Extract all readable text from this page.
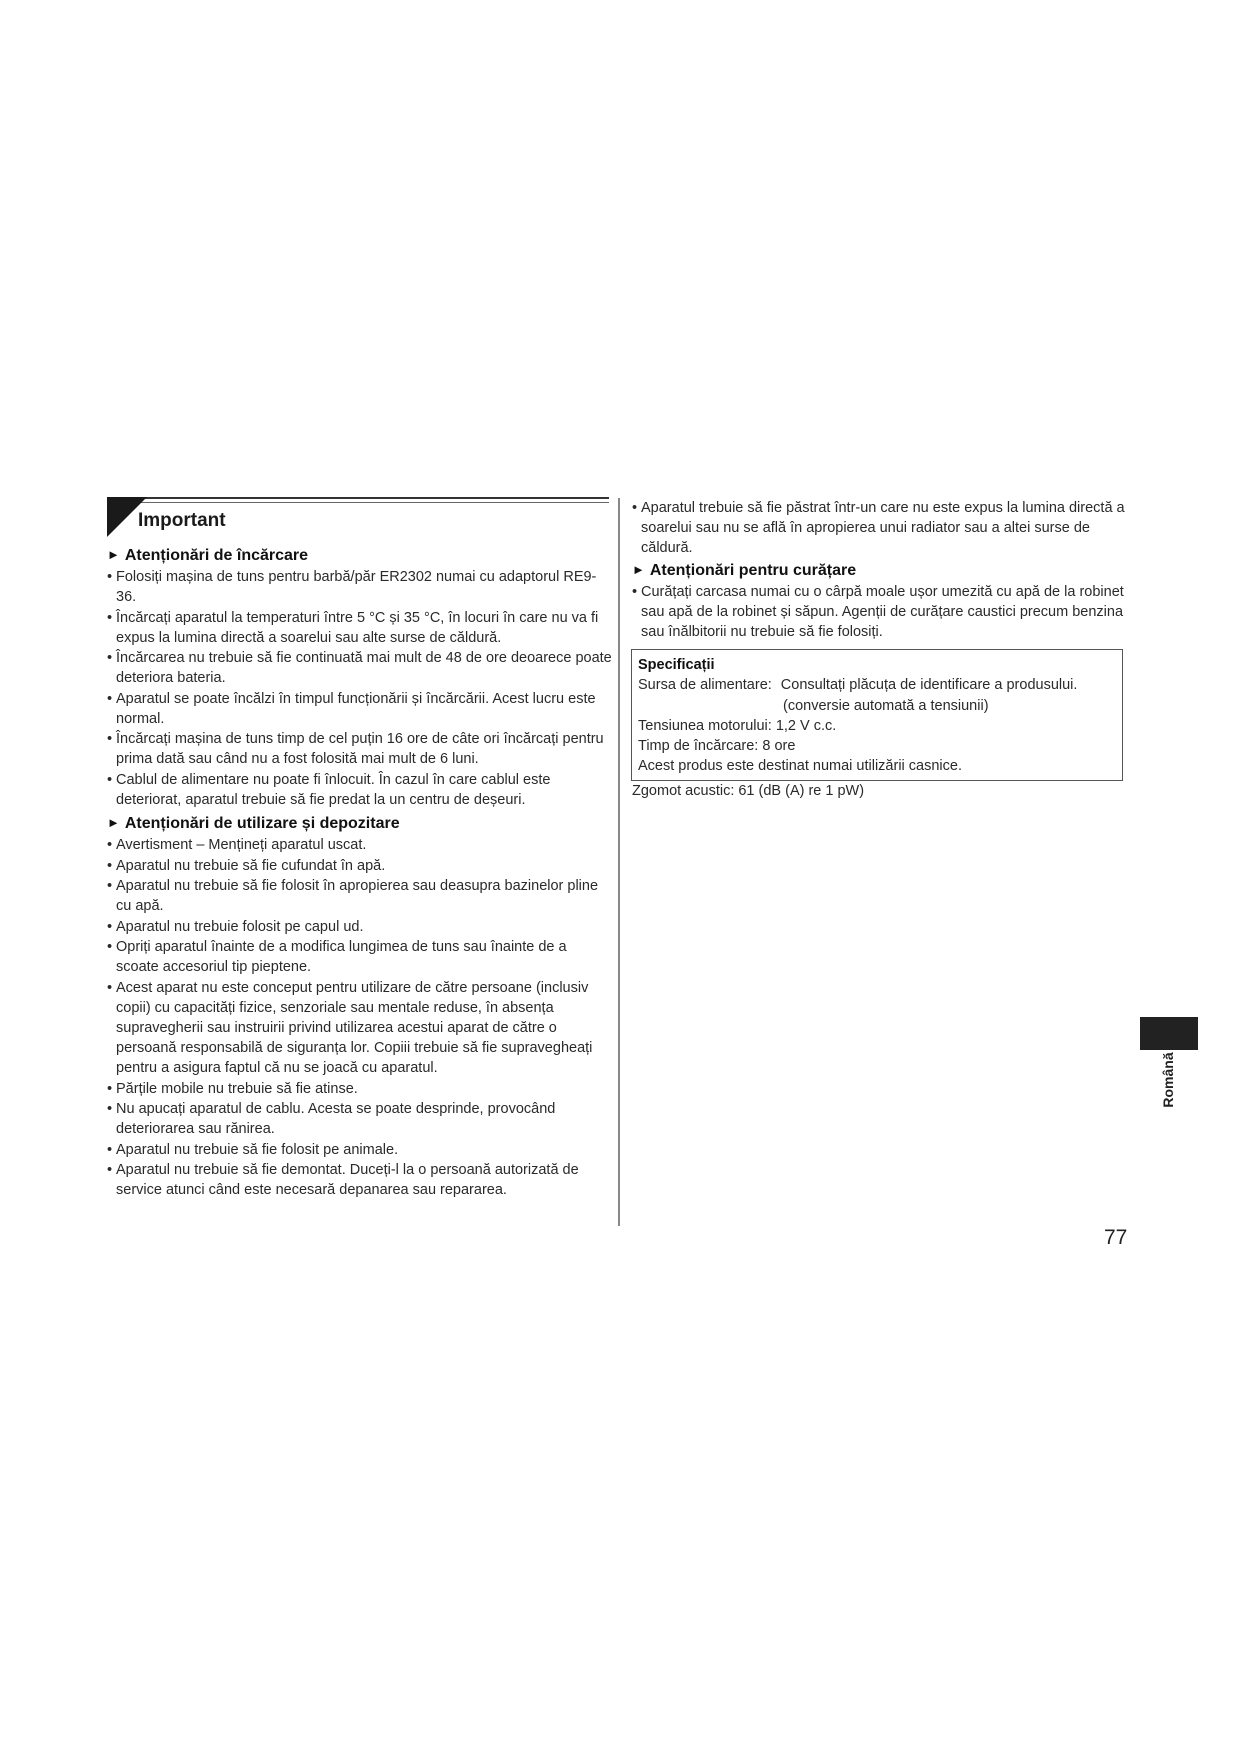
Important
► Atenționări de încărcare
• Folosiți mașina de tuns pentru barbă/păr ER2302 numai cu adaptorul RE9-36.
• Încărcați aparatul la temperaturi între 5 °C și 35 °C, în locuri în care nu va fi expus la lumina directă a soarelui sau alte surse de căldură.
• Încărcarea nu trebuie să fie continuată mai mult de 48 de ore deoarece poate deteriora bateria.
• Aparatul se poate încălzi în timpul funcționării și încărcării. Acest lucru este normal.
• Încărcați mașina de tuns timp de cel puțin 16 ore de câte ori încărcați pentru prima dată sau când nu a fost folosită mai mult de 6 luni.
• Cablul de alimentare nu poate fi înlocuit. În cazul în care cablul este deteriorat, aparatul trebuie să fie predat la un centru de deșeuri.
► Atenționări de utilizare și depozitare
• Avertisment – Mențineți aparatul uscat.
• Aparatul nu trebuie să fie cufundat în apă.
• Aparatul nu trebuie să fie folosit în apropierea sau deasupra bazinelor pline cu apă.
• Aparatul nu trebuie folosit pe capul ud.
• Opriți aparatul înainte de a modifica lungimea de tuns sau înainte de a scoate accesoriul tip pieptene.
• Acest aparat nu este conceput pentru utilizare de către persoane (inclusiv copii) cu capacități fizice, senzoriale sau mentale reduse, în absența supravegherii sau instruirii privind utilizarea acestui aparat de către o persoană responsabilă de siguranța lor. Copiii trebuie să fie supravegheați pentru a asigura faptul că nu se joacă cu aparatul.
• Părțile mobile nu trebuie să fie atinse.
• Nu apucați aparatul de cablu. Acesta se poate desprinde, provocând deteriorarea sau rănirea.
• Aparatul nu trebuie să fie folosit pe animale.
• Aparatul nu trebuie să fie demontat. Duceți-l la o persoană autorizată de service atunci când este necesară depanarea sau repararea.
• Aparatul trebuie să fie păstrat într-un care nu este expus la lumina directă a soarelui sau nu se află în apropierea unui radiator sau a altei surse de căldură.
► Atenționări pentru curățare
• Curățați carcasa numai cu o cârpă moale ușor umezită cu apă de la robinet sau apă de la robinet și săpun. Agenții de curățare caustici precum benzina sau înălbitorii nu trebuie să fie folosiți.
Specificații
Sursa de alimentare: Consultați plăcuța de identificare a produsului.
(conversie automată a tensiunii)
Tensiunea motorului: 1,2 V c.c.
Timp de încărcare: 8 ore
Acest produs este destinat numai utilizării casnice.
Zgomot acustic: 61 (dB (A) re 1 pW)
Română
77
